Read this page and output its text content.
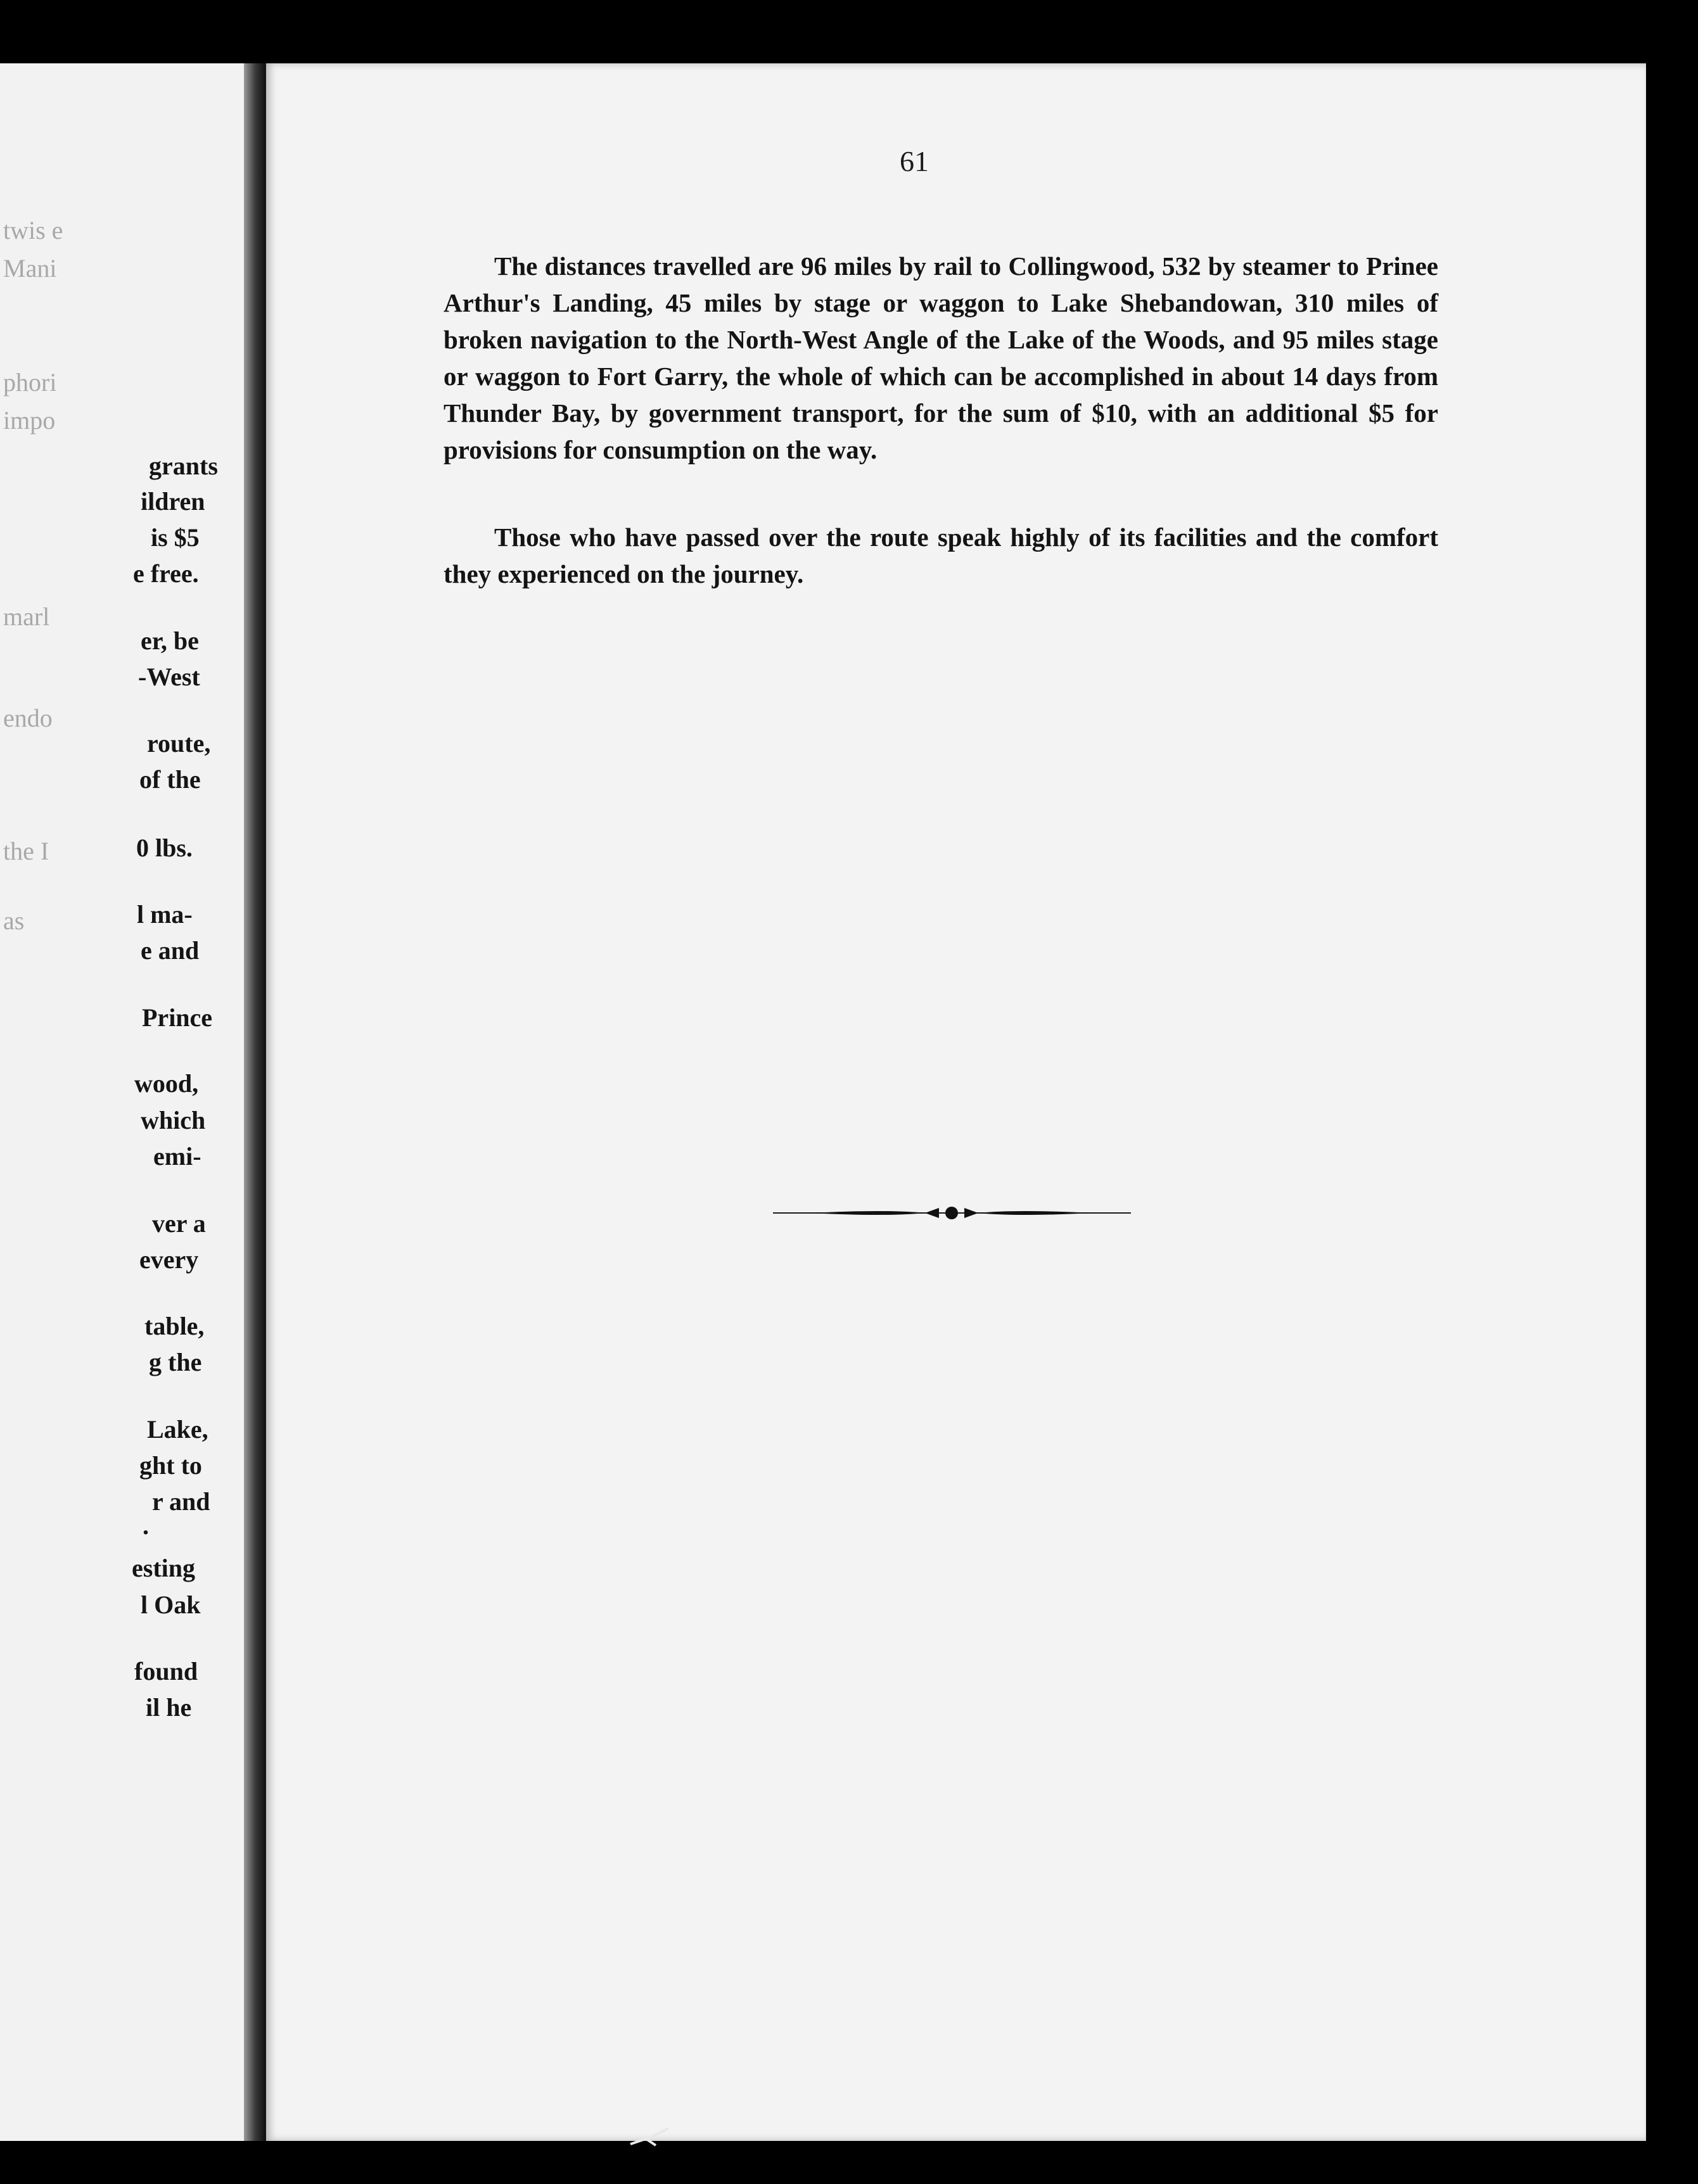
twis e
Mani
phori
impo
marl
endo
the I
as
grants
ildren
is $5
e free.
er, be
-West
route,
of the
0 lbs.
l ma-
e and
Prince
wood,
which
emi-
ver a
every
table,
g the
Lake,
ght to
r and
.
esting
l Oak
found
il he
61

The distances travelled are 96 miles by rail to Collingwood, 532 by steamer to Prinee Arthur's Landing, 45 miles by stage or waggon to Lake Shebandowan, 310 miles of broken navigation to the North-West Angle of the Lake of the Woods, and 95 miles stage or waggon to Fort Garry, the whole of which can be accomplished in about 14 days from Thunder Bay, by government transport, for the sum of $10, with an additional $5 for provisions for consumption on the way.

Those who have passed over the route speak highly of its facilities and the comfort they experienced on the journey.
